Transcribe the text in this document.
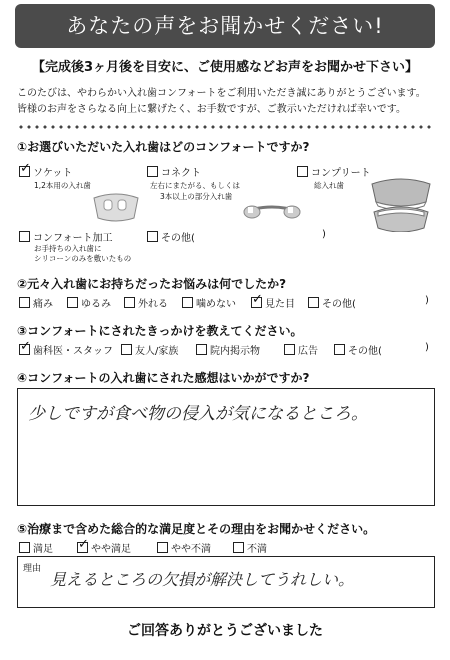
あなたの声をお聞かせください!
【完成後3ヶ月後を目安に、ご使用感などお声をお聞かせ下さい】
このたびは、やわらかい入れ歯コンフォートをご利用いただき誠にありがとうございます。
皆様のお声をさらなる向上に繋げたく、お手数ですが、ご教示いただければ幸いです。
①お選びいただいた入れ歯はどのコンフォートですか?
✓ソケット
1,2本用の入れ歯
コネクト
左右にまたがる、もしくは
3本以上の部分入れ歯
コンプリート
総入れ歯
コンフォート加工
お手持ちの入れ歯に
シリコーンのみを敷いたもの
その他(	)
②元々入れ歯にお持ちだったお悩みは何でしたか?
痛み	ゆるみ	外れる	噛めない ✓	見た目	その他(	)
③コンフォートにされたきっかけを教えてください。
✓歯科医・スタッフ	友人/家族	院内掲示物	広告	その他(	)
④コンフォートの入れ歯にされた感想はいかがですか?
少しですが食べ物の侵入が気になるところ。
⑤治療まで含めた総合的な満足度とその理由をお聞かせください。
満足 ✓	やや満足	やや不満	不満
理由
見えるところの欠損が解決してうれしい。
ご回答ありがとうございました
